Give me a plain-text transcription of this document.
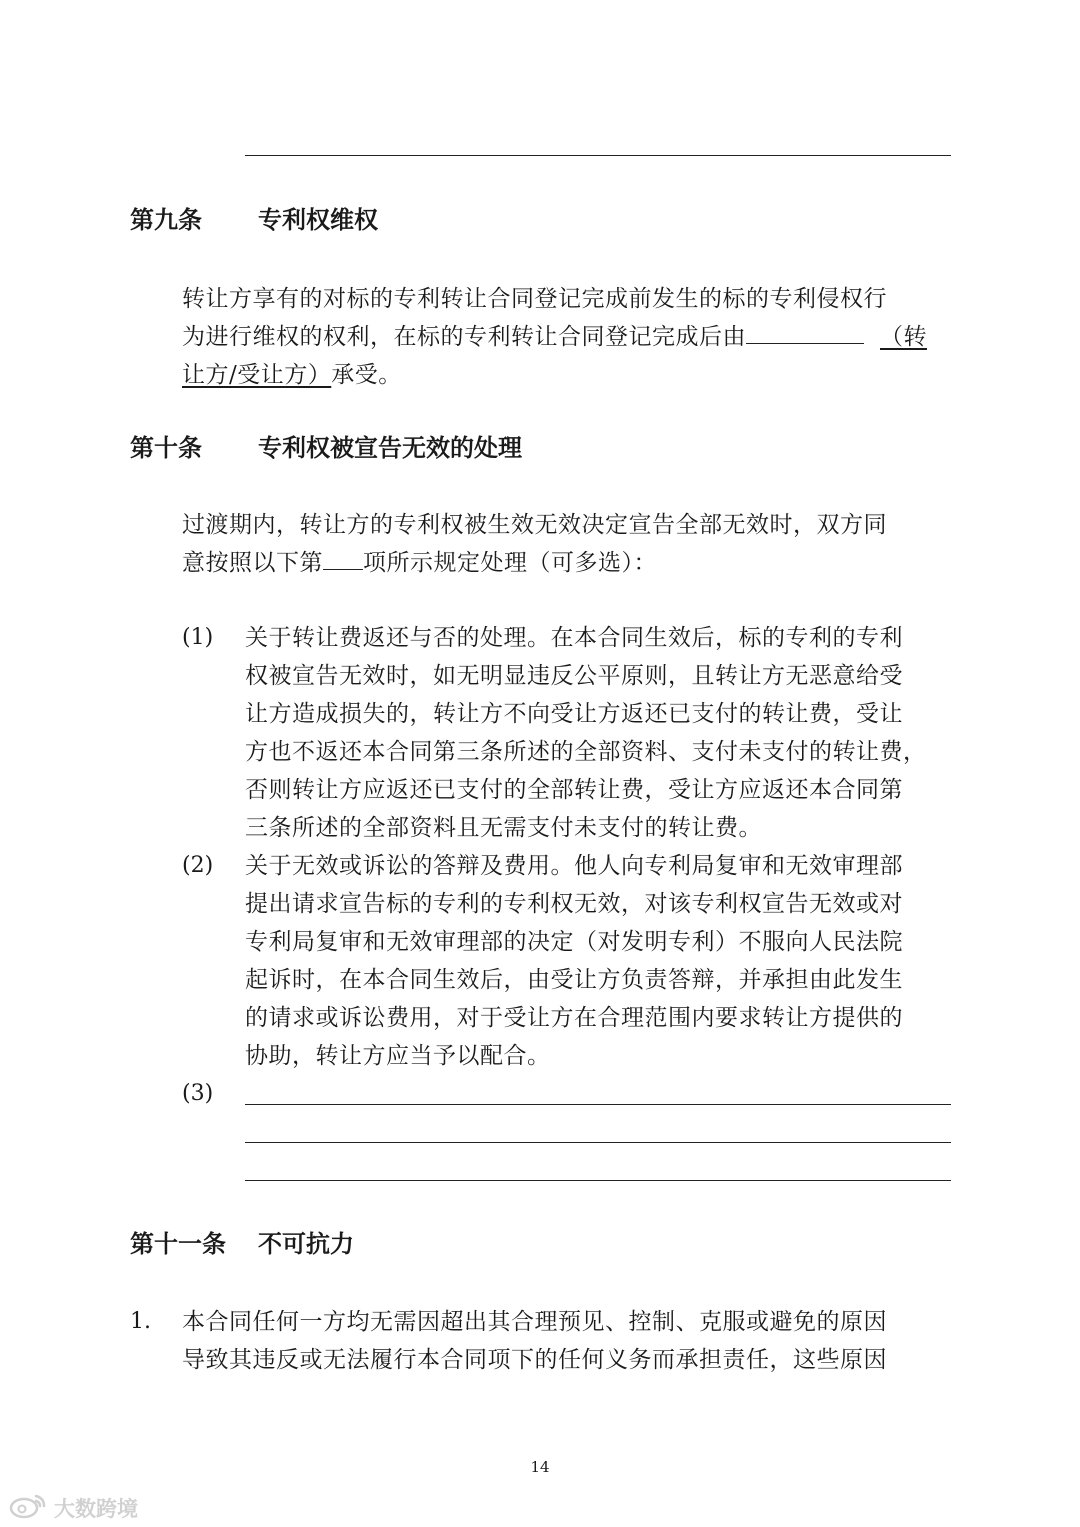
第九条 专利权维权
转让方享有的对标的专利转让合同登记完成前发生的标的专利侵权行
为进行维权的权利，在标的专利转让合同登记完成后由	（转
让方/受让方）承受。
第十条 专利权被宣告无效的处理
过渡期内，转让方的专利权被生效无效决定宣告全部无效时，双方同
意按照以下第 项所示规定处理（可多选）：
(1) 关于转让费返还与否的处理。在本合同生效后，标的专利的专利
权被宣告无效时，如无明显违反公平原则，且转让方无恶意给受
让方造成损失的，转让方不向受让方返还已支付的转让费，受让
方也不返还本合同第三条所述的全部资料、支付未支付的转让费，
否则转让方应返还已支付的全部转让费，受让方应返还本合同第
三条所述的全部资料且无需支付未支付的转让费。
(2) 关于无效或诉讼的答辩及费用。他人向专利局复审和无效审理部
提出请求宣告标的专利的专利权无效，对该专利权宣告无效或对
专利局复审和无效审理部的决定（对发明专利）不服向人民法院
起诉时，在本合同生效后，由受让方负责答辩，并承担由此发生
的请求或诉讼费用，对于受让方在合理范围内要求转让方提供的
协助，转让方应当予以配合。
(3)
第十一条 不可抗力
1. 本合同任何一方均无需因超出其合理预见、控制、克服或避免的原因
导致其违反或无法履行本合同项下的任何义务而承担责任，这些原因
14
大数跨境
